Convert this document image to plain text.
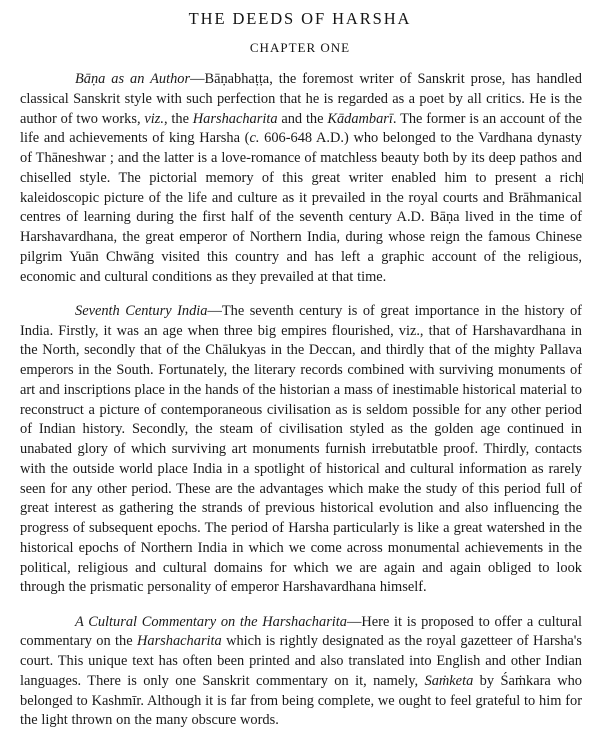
THE DEEDS OF HARSHA
CHAPTER ONE

Bāṇa as an Author—Bāṇabhaṭṭa, the foremost writer of Sanskrit prose, has handled classical Sanskrit style with such perfection that he is regarded as a poet by all critics. He is the author of two works, viz., the Harshacharita and the Kādambarī. The former is an account of the life and achievements of king Harsha (c. 606-648 A.D.) who belonged to the Vardhana dynasty of Thāneshwar ; and the latter is a love-romance of matchless beauty both by its deep pathos and chiselled style. The pictorial memory of this great writer enabled him to present a richkaleidoscopic picture of the life and culture as it prevailed in the royal courts and Brāhmanical centres of learning during the first half of the seventh century A.D. Bāṇa lived in the time of Harshavardhana, the great emperor of Northern India, during whose reign the famous Chinese pilgrim Yuān Chwāng visited this country and has left a graphic account of the religious, economic and cultural conditions as they prevailed at that time.

Seventh Century India—The seventh century is of great importance in the history of India. Firstly, it was an age when three big empires flourished, viz., that of Harshavardhana in the North, secondly that of the Chālukyas in the Deccan, and thirdly that of the mighty Pallava emperors in the South. Fortunately, the literary records combined with surviving monuments of art and inscriptions place in the hands of the historian a mass of inestimable historical material to reconstruct a picture of contemporaneous civilisation as is seldom possible for any other period of Indian history. Secondly, the steam of civilisation styled as the golden age continued in unabated glory of which surviving art monuments furnish irrebutatble proof. Thirdly, contacts with the outside world place India in a spotlight of historical and cultural information as rarely seen for any other period. These are the advantages which make the study of this period full of great interest as gathering the strands of previous historical evolution and also influencing the progress of subsequent epochs. The period of Harsha particularly is like a great watershed in the historical epochs of Northern India in which we come across monumental achievements in the political, religious and cultural domains for which we are again and again obliged to look through the prismatic personality of emperor Harshavardhana himself.

A Cultural Commentary on the Harshacharita—Here it is proposed to offer a cultural commentary on the Harshacharita which is rightly designated as the royal gazetteer of Harsha's court. This unique text has often been printed and also translated into English and other Indian languages. There is only one Sanskrit commentary on it, namely, Saṁketa by Śaṁkara who belonged to Kashmīr. Although it is far from being complete, we ought to feel grateful to him for the light thrown on the many obscure words.
